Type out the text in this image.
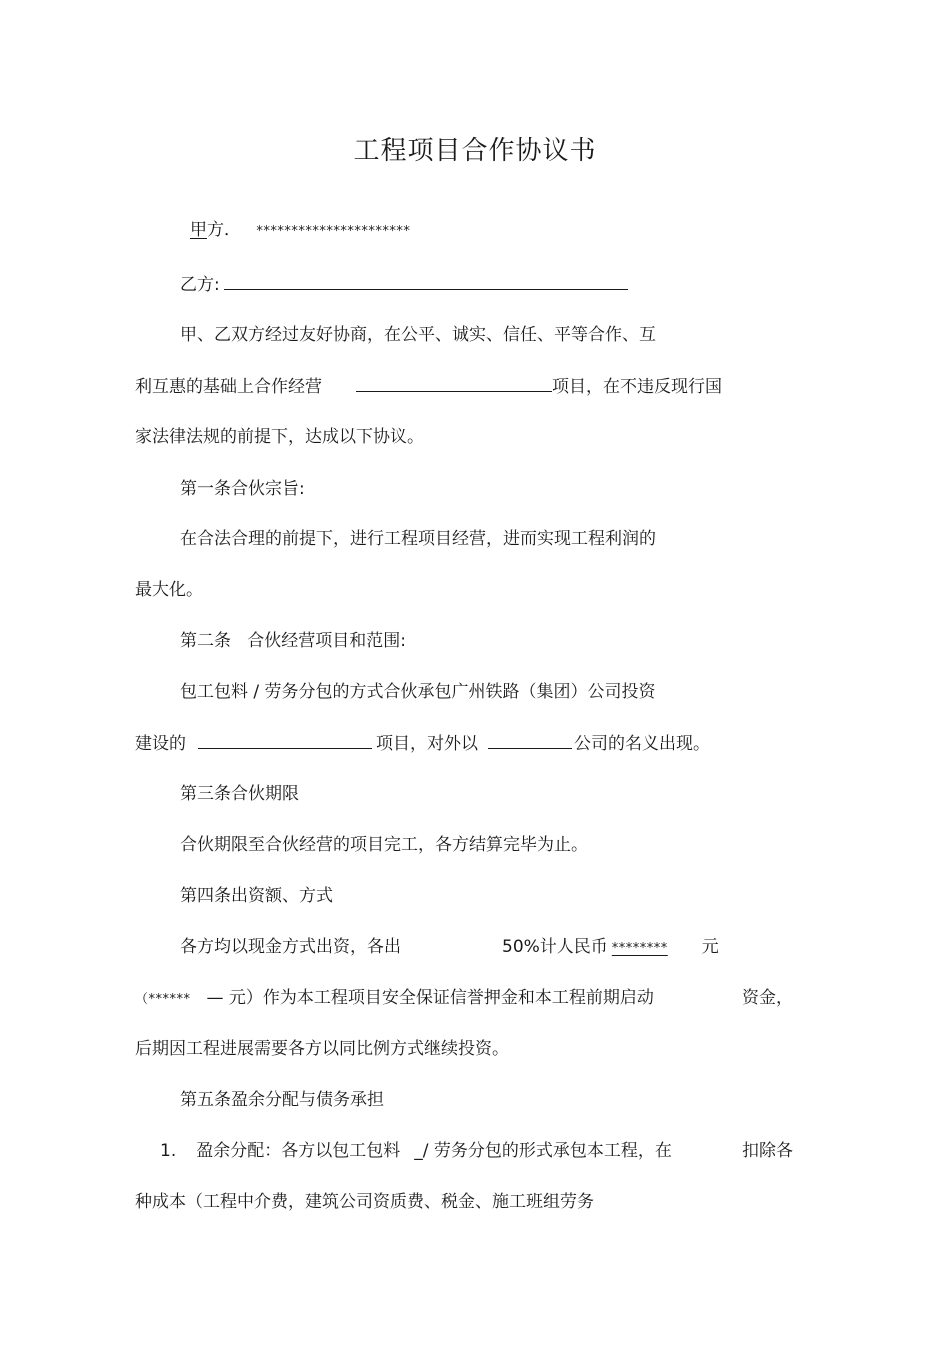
工程项目合作协议书
甲方． **********************
乙方:
甲、乙双方经过友好协商，在公平、诚实、信任、平等合作、互
利互惠的基础上合作经营	项目，在不违反现行国
家法律法规的前提下，达成以下协议。
第一条合伙宗旨:
在合法合理的前提下，进行工程项目经营，进而实现工程利润的
最大化。
第二条   合伙经营项目和范围:
包工包料 / 劳务分包的方式合伙承包广州铁路（集团）公司投资
建设的	项目，对外以	公司的名义出现。
第三条合伙期限
合伙期限至合伙经营的项目完工，各方结算完毕为止。
第四条出资额、方式
各方均以现金方式出资，各出	50%计人民币 ******** 元
（****** — 元）作为本工程项目安全保证信誉押金和本工程前期启动	资金，
后期因工程进展需要各方以同比例方式继续投资。
第五条盈余分配与债务承担
1. 盈余分配：各方以包工包料 _/ 劳务分包的形式承包本工程，在	扣除各
种成本（工程中介费，建筑公司资质费、税金、施工班组劳务
